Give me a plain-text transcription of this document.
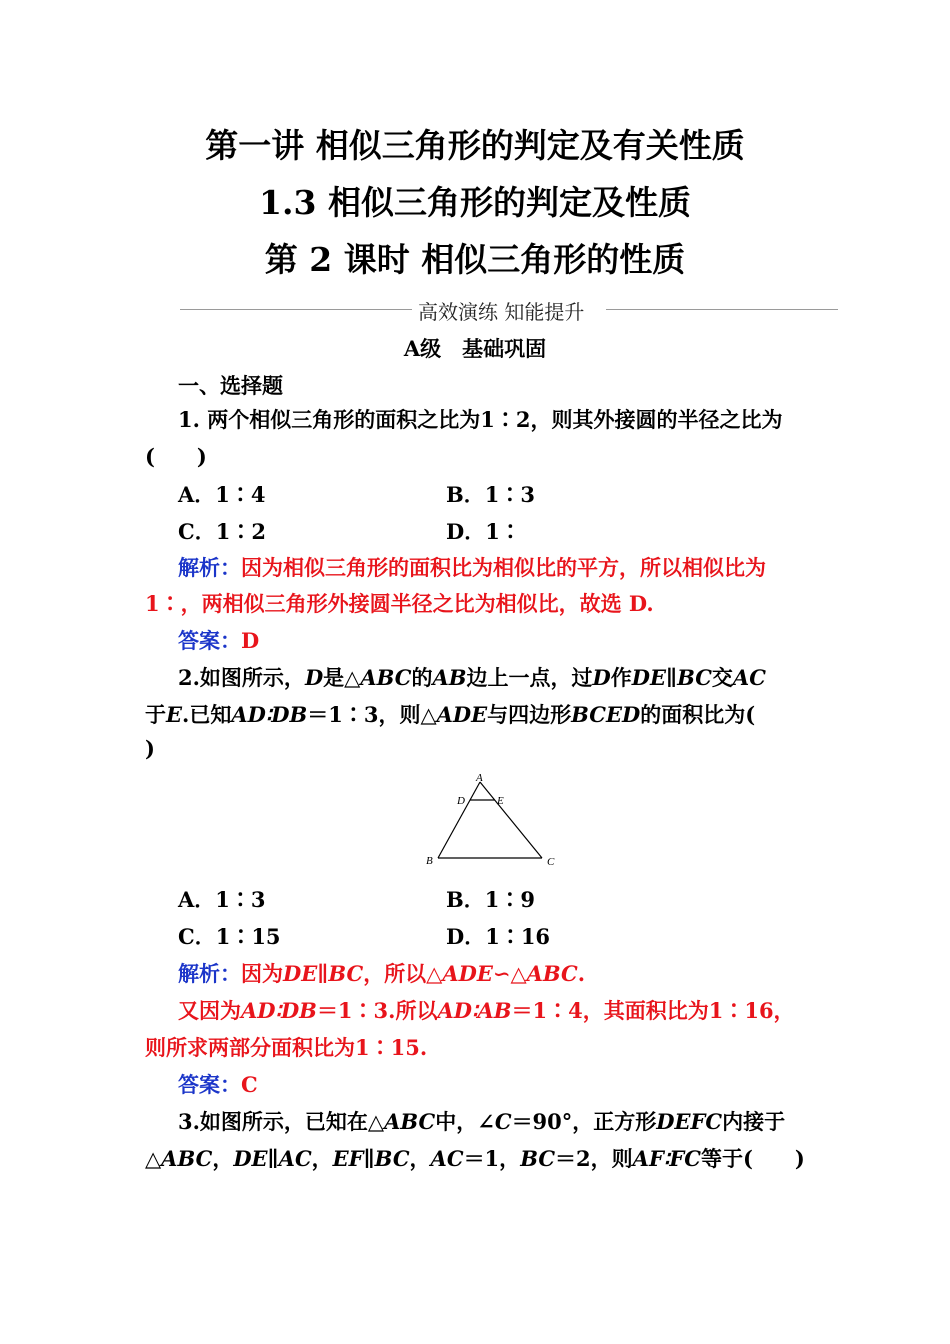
第一讲 相似三角形的判定及有关性质
1.3 相似三角形的判定及性质
第 2 课时 相似三角形的性质
高效演练 知能提升
A级　基础巩固
一、选择题
1. 两个相似三角形的面积之比为1∶2，则其外接圆的半径之比为
(　　)
A．1∶4	B．1∶3
C．1∶2	D．1∶
解析：因为相似三角形的面积比为相似比的平方，所以相似比为
1∶，两相似三角形外接圆半径之比为相似比，故选 D.
答案：D
2.如图所示，D是△ABC的AB边上一点，过D作DE∥BC交AC
于E.已知AD∶DB＝1∶3，则△ADE与四边形BCED的面积比为(
)
A
D	E
B	C
A．1∶3	B．1∶9
C．1∶15	D．1∶16
解析：因为DE∥BC，所以△ADE∽△ABC.
又因为AD∶DB＝1∶3.所以AD∶AB＝1∶4，其面积比为1∶16，
则所求两部分面积比为1∶15.
答案：C
3.如图所示，已知在△ABC中，∠C＝90°，正方形DEFC内接于
△ABC，DE∥AC，EF∥BC，AC＝1，BC＝2，则AF∶FC等于(　　)
